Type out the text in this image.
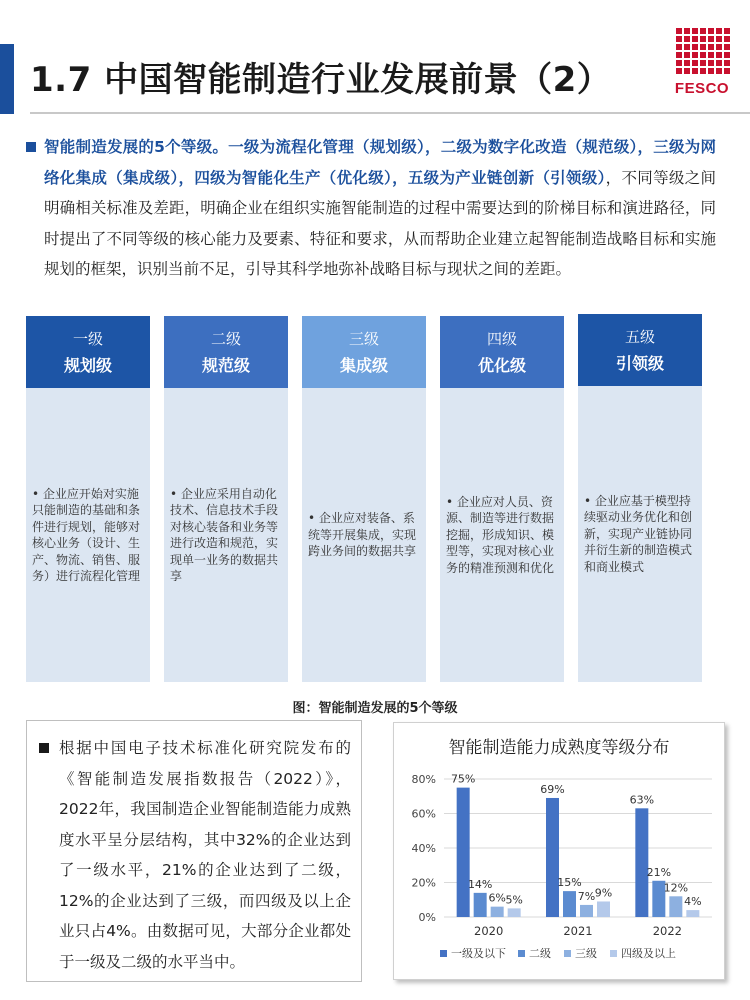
1.7 中国智能制造行业发展前景（2）	FESCO

智能制造发展的5个等级。一级为流程化管理（规划级），二级为数字化改造（规范级），三级为网络化集成（集成级），四级为智能化生产（优化级），五级为产业链创新（引领级），不同等级之间明确相关标准及差距，明确企业在组织实施智能制造的过程中需要达到的阶梯目标和演进路径，同时提出了不同等级的核心能力及要素、特征和要求，从而帮助企业建立起智能制造战略目标和实施规划的框架，识别当前不足，引导其科学地弥补战略目标与现状之间的差距。

一级
规划级
• 企业应开始对实施只能制造的基础和条件进行规划，能够对核心业务（设计、生产、物流、销售、服务）进行流程化管理
二级
规范级
• 企业应采用自动化技术、信息技术手段对核心装备和业务等进行改造和规范，实现单一业务的数据共享
三级
集成级
• 企业应对装备、系统等开展集成，实现跨业务间的数据共享
四级
优化级
• 企业应对人员、资源、制造等进行数据挖掘，形成知识、模型等，实现对核心业务的精准预测和优化
五级
引领级
• 企业应基于模型持续驱动业务优化和创新，实现产业链协同并衍生新的制造模式和商业模式
图：智能制造发展的5个等级

根据中国电子技术标准化研究院发布的《智能制造发展指数报告（2022）》，2022年，我国制造企业智能制造能力成熟度水平呈分层结构，其中32%的企业达到了一级水平，21%的企业达到了二级，12%的企业达到了三级，而四级及以上企业只占4%。由数据可见，大部分企业都处于一级及二级的水平当中。

智能制造能力成熟度等级分布
0%
20%
40%
60%
80% 75%
14%
6% 5%
69%
15%
7% 9%
63%
21%
12%
4%
2020	2021	2022
一级及以下 二级 三级 四级及以上
